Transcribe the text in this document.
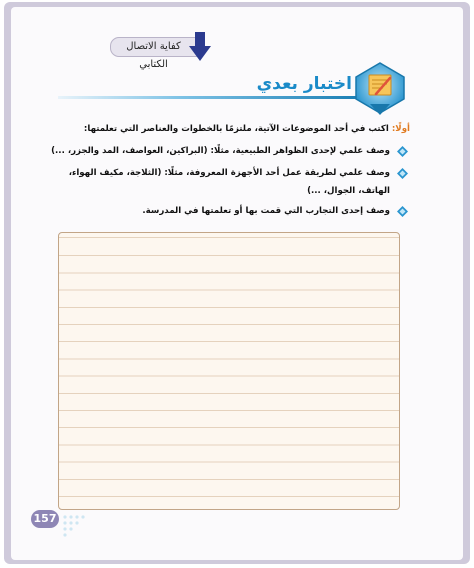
كفاية الاتصال الكتابي
اختبار بعدي
أولًا: اكتب في أحد الموضوعات الآتية، ملتزمًا بالخطوات والعناصر التي تعلمتها:
وصف علمي لإحدى الظواهر الطبيعية، مثلًا: (البراكين، العواصف، المد والجزر، ...)
وصف علمي لطريقة عمل أحد الأجهزة المعروفة، مثلًا: (الثلاجة، مكيف الهواء، الهاتف، الجوال، ...)
وصف إحدى التجارب التي قمت بها أو تعلمتها في المدرسة.
157
